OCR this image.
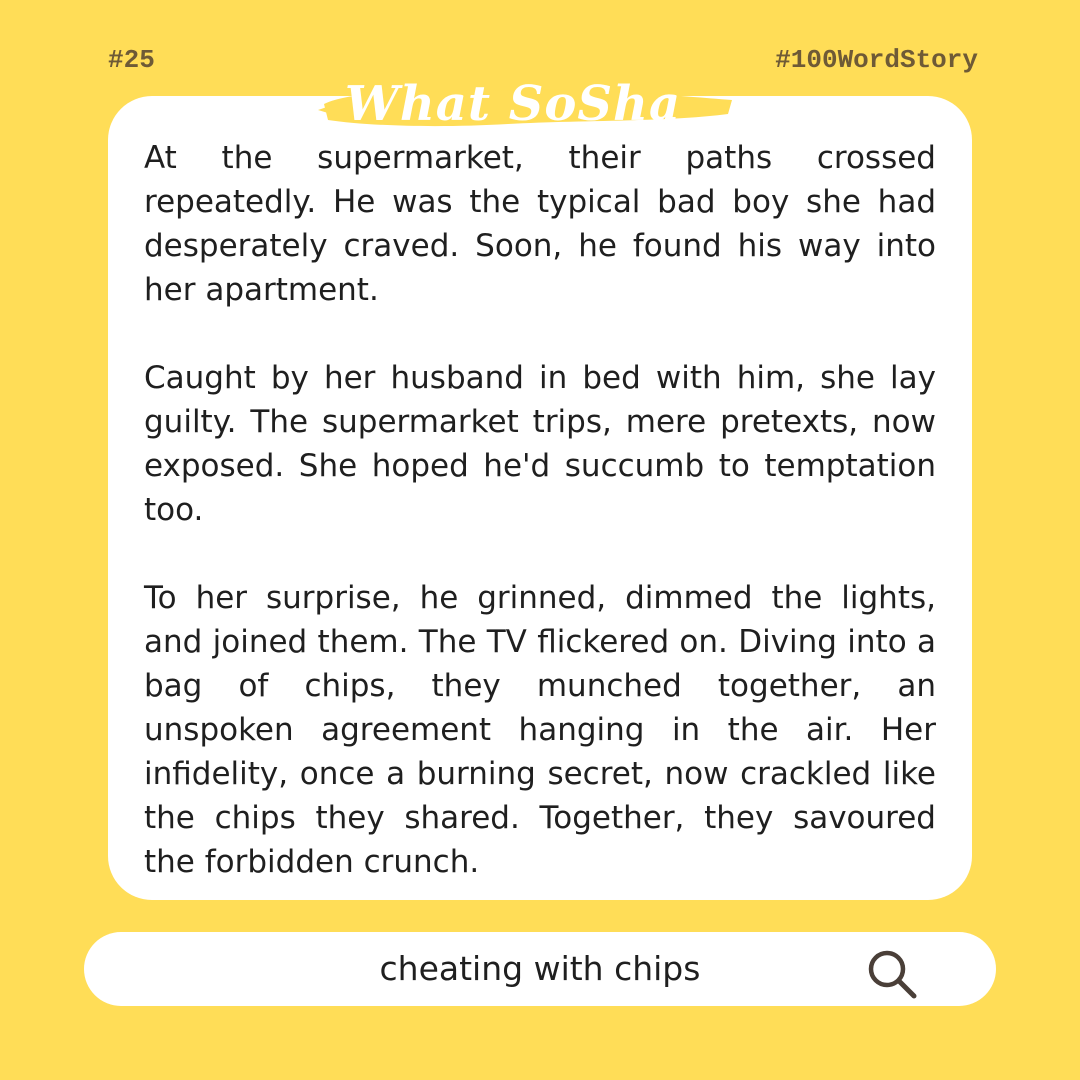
#25	#100WordStory
What SoSha

At the supermarket, their paths crossed repeatedly. He was the typical bad boy she had desperately craved. Soon, he found his way into her apartment.

Caught by her husband in bed with him, she lay guilty. The supermarket trips, mere pretexts, now exposed. She hoped he'd succumb to temptation too.

To her surprise, he grinned, dimmed the lights, and joined them. The TV flickered on. Diving into a bag of chips, they munched together, an unspoken agreement hanging in the air. Her infidelity, once a burning secret, now crackled like the chips they shared. Together, they savoured the forbidden crunch.

cheating with chips
